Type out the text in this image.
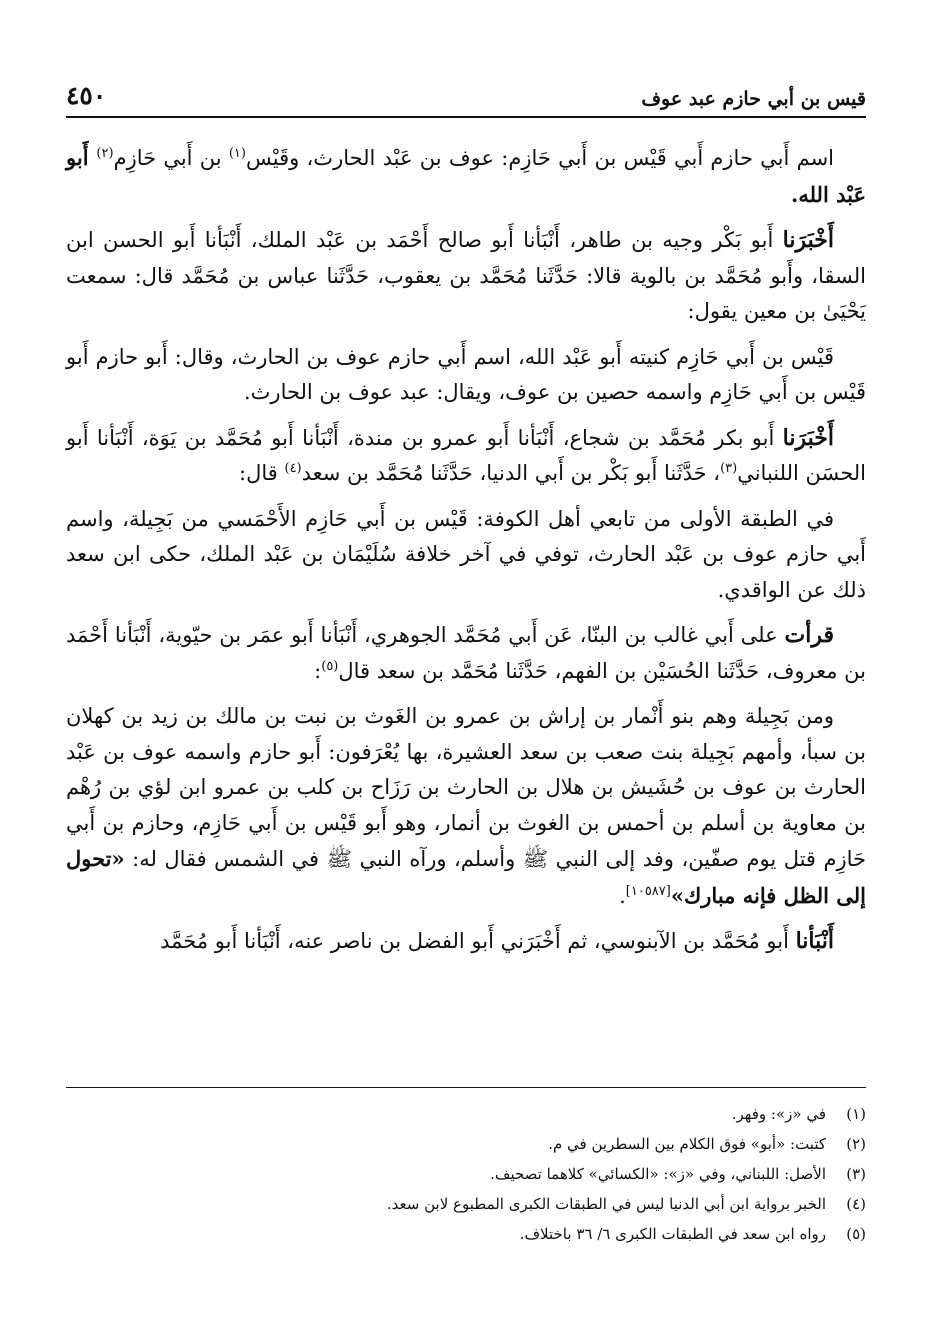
قيس بن أبي حازم عبد عوف
٤٥٠

اسم أَبي حازم أَبي قَيْس بن أَبي حَازِم: عوف بن عَبْد الحارث، وقَيْس$^{(١)}$ بن أَبي حَازِم$^{(٢)}$ أَبو عَبْد الله.

أَخْبَرَنا أَبو بَكْر وجيه بن طاهر، أَنْبَأنا أَبو صالح أَحْمَد بن عَبْد الملك، أَنْبَأنا أَبو الحسن ابن السقا، وأَبو مُحَمَّد بن بالوية قالا: حَدَّثَنا مُحَمَّد بن يعقوب، حَدَّثَنا عباس بن مُحَمَّد قال: سمعت يَحْيَىٰ بن معين يقول:

قَيْس بن أَبي حَازِم كنيته أَبو عَبْد الله، اسم أَبي حازم عوف بن الحارث، وقال: أَبو حازم أَبو قَيْس بن أَبي حَازِم واسمه حصين بن عوف، ويقال: عبد عوف بن الحارث.

أَخْبَرَنا أَبو بكر مُحَمَّد بن شجاع، أَنْبَأنا أَبو عمرو بن مندة، أَنْبَأنا أَبو مُحَمَّد بن يَوَة، أَنْبَأنا أَبو الحسَن اللنباني$^{(٣)}$، حَدَّثَنا أَبو بَكْر بن أَبي الدنيا، حَدَّثَنا مُحَمَّد بن سعد$^{(٤)}$ قال:

في الطبقة الأولى من تابعي أهل الكوفة: قَيْس بن أَبي حَازِم الأَحْمَسي من بَجِيلة، واسم أَبي حازم عوف بن عَبْد الحارث، توفي في آخر خلافة سُلَيْمَان بن عَبْد الملك، حكى ابن سعد ذلك عن الواقدي.

قرأت على أَبي غالب بن البنّا، عَن أَبي مُحَمَّد الجوهري، أَنْبَأنا أَبو عمَر بن حيّوية، أَنْبَأنا أَحْمَد بن معروف، حَدَّثَنا الحُسَيْن بن الفهم، حَدَّثَنا مُحَمَّد بن سعد قال$^{(٥)}$:

ومن بَجِيلة وهم بنو أَنْمار بن إراش بن عمرو بن الغَوث بن نبت بن مالك بن زيد بن كهلان بن سبأ، وأمهم بَجِيلة بنت صعب بن سعد العشيرة، بها يُعْرَفون: أَبو حازم واسمه عوف بن عَبْد الحارث بن عوف بن حُشَيش بن هلال بن الحارث بن رَزَاح بن كلب بن عمرو ابن لؤي بن رُهْم بن معاوية بن أسلم بن أحمس بن الغوث بن أنمار، وهو أَبو قَيْس بن أَبي حَازِم، وحازم بن أَبي حَازِم قتل يوم صفّين، وفد إلى النبي ﷺ وأسلم، ورآه النبي ﷺ في الشمس فقال له: «تحول إلى الظل فإنه مبارك»[١٠٥٨٧].

أَنْبَأنا أَبو مُحَمَّد بن الآبنوسي، ثم أَخْبَرَني أَبو الفضل بن ناصر عنه، أَنْبَأنا أَبو مُحَمَّد

(١)
في «ز»: وفهر.
(٢)
كتبت: «أبو» فوق الكلام بين السطرين في م.
(٣)
الأصل: اللبناني، وفي «ز»: «الكسائي» كلاهما تصحيف.
(٤)
الخبر برواية ابن أبي الدنيا ليس في الطبقات الكبرى المطبوع لابن سعد.
(٥)
رواه ابن سعد في الطبقات الكبرى ٦/ ٣٦ باختلاف.
